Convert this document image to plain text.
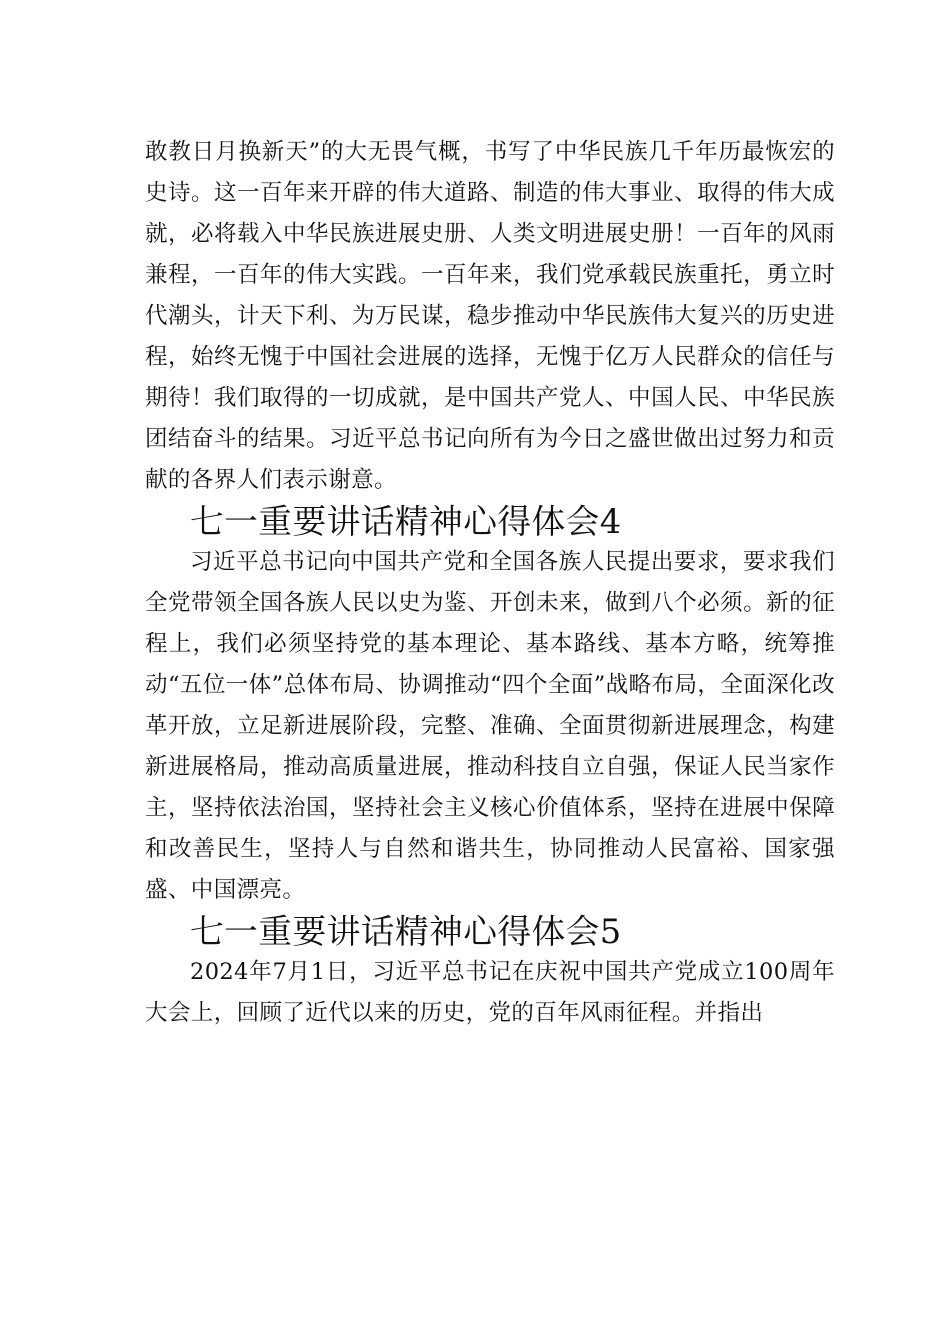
敢教日月换新天”的大无畏气概，书写了中华民族几千年历最恢宏的史诗。这一百年来开辟的伟大道路、制造的伟大事业、取得的伟大成就，必将载入中华民族进展史册、人类文明进展史册！一百年的风雨兼程，一百年的伟大实践。一百年来，我们党承载民族重托，勇立时代潮头，计天下利、为万民谋，稳步推动中华民族伟大复兴的历史进程，始终无愧于中国社会进展的选择，无愧于亿万人民群众的信任与期待！我们取得的一切成就，是中国共产党人、中国人民、中华民族团结奋斗的结果。习近平总书记向所有为今日之盛世做出过努力和贡献的各界人们表示谢意。

七一重要讲话精神心得体会4

习近平总书记向中国共产党和全国各族人民提出要求，要求我们全党带领全国各族人民以史为鉴、开创未来，做到八个必须。新的征程上，我们必须坚持党的基本理论、基本路线、基本方略，统筹推动“五位一体”总体布局、协调推动“四个全面”战略布局，全面深化改革开放，立足新进展阶段，完整、准确、全面贯彻新进展理念，构建新进展格局，推动高质量进展，推动科技自立自强，保证人民当家作主，坚持依法治国，坚持社会主义核心价值体系，坚持在进展中保障和改善民生，坚持人与自然和谐共生，协同推动人民富裕、国家强盛、中国漂亮。

七一重要讲话精神心得体会5

2024年7月1日，习近平总书记在庆祝中国共产党成立100周年大会上，回顾了近代以来的历史，党的百年风雨征程。并指出
